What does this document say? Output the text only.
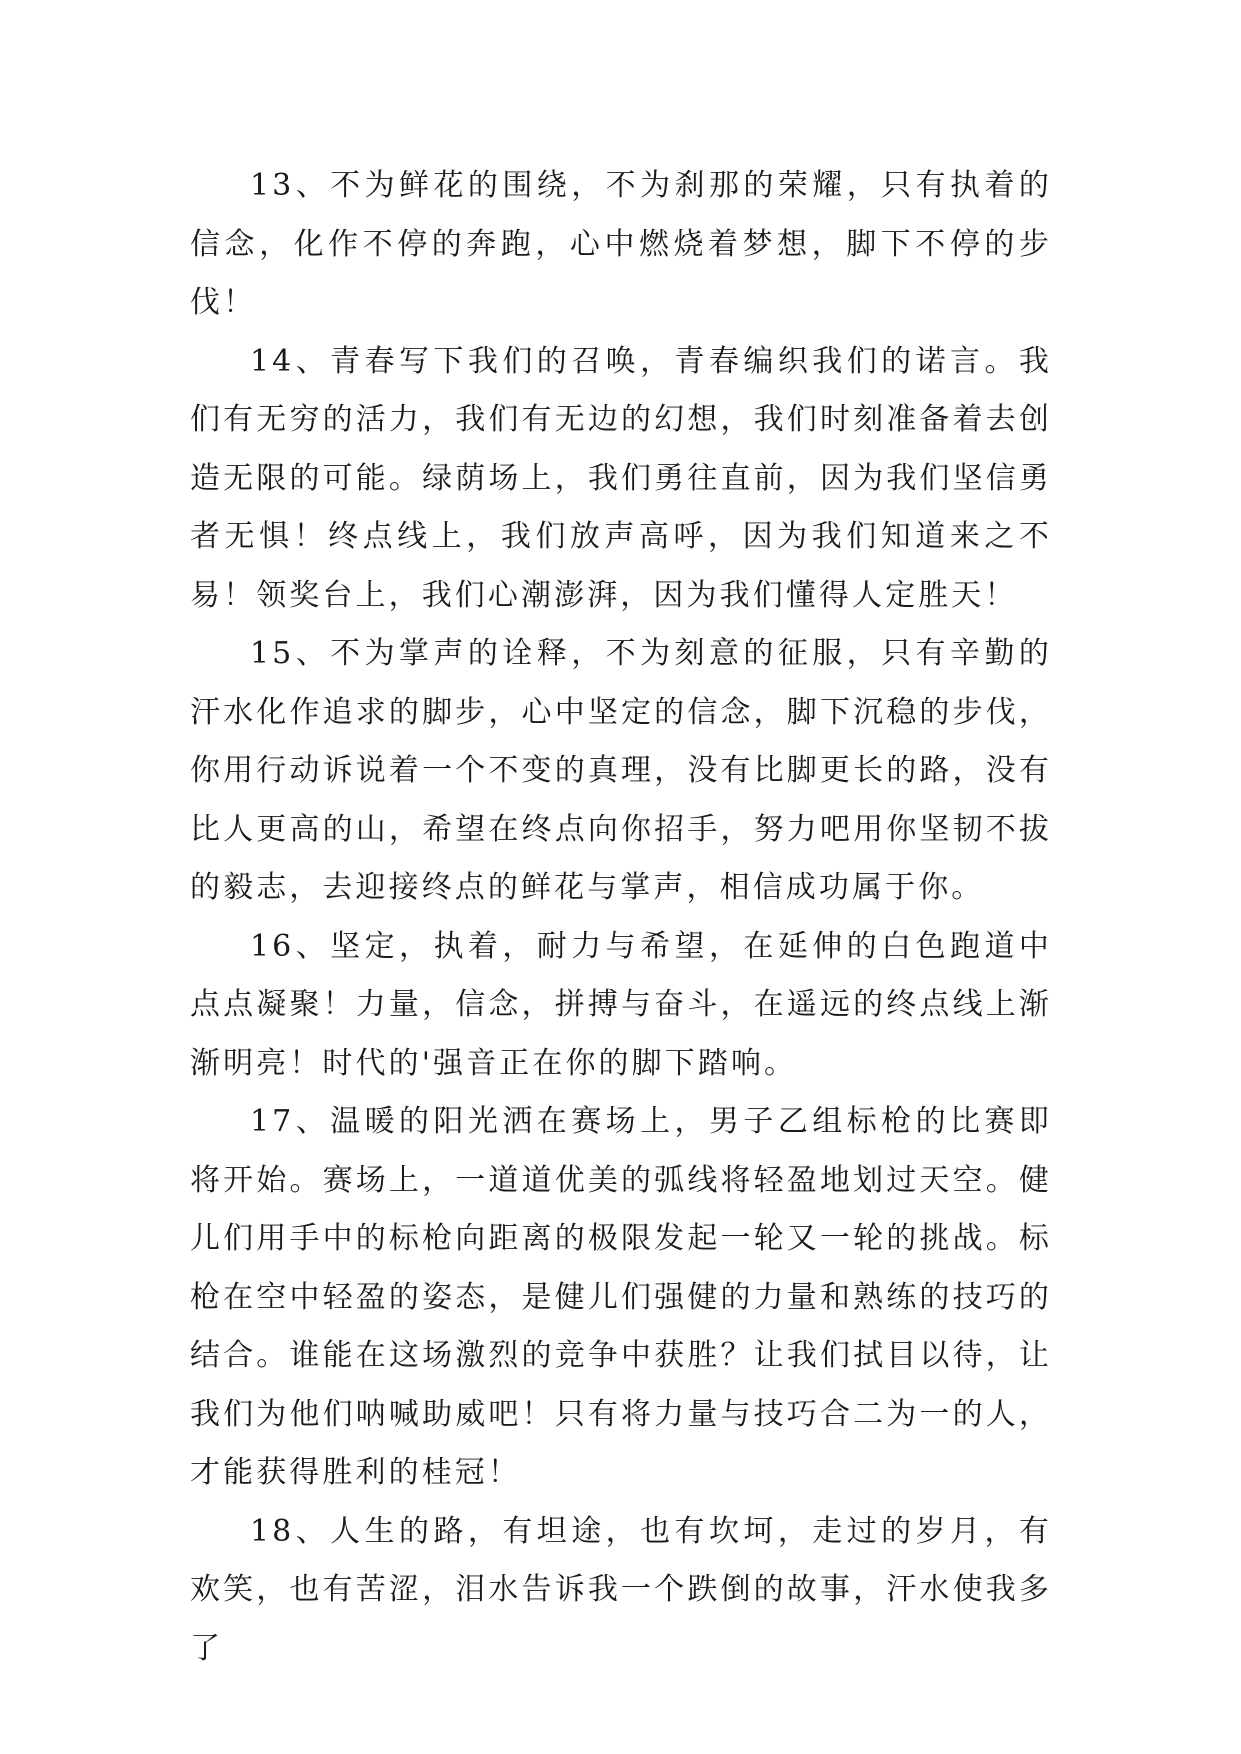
13、不为鲜花的围绕，不为刹那的荣耀，只有执着的信念，化作不停的奔跑，心中燃烧着梦想，脚下不停的步伐！

14、青春写下我们的召唤，青春编织我们的诺言。我们有无穷的活力，我们有无边的幻想，我们时刻准备着去创造无限的可能。绿荫场上，我们勇往直前，因为我们坚信勇者无惧！终点线上，我们放声高呼，因为我们知道来之不易！领奖台上，我们心潮澎湃，因为我们懂得人定胜天！

15、不为掌声的诠释，不为刻意的征服，只有辛勤的汗水化作追求的脚步，心中坚定的信念，脚下沉稳的步伐，你用行动诉说着一个不变的真理，没有比脚更长的路，没有比人更高的山，希望在终点向你招手，努力吧用你坚韧不拔的毅志，去迎接终点的鲜花与掌声，相信成功属于你。

16、坚定，执着，耐力与希望，在延伸的白色跑道中点点凝聚！力量，信念，拼搏与奋斗，在遥远的终点线上渐渐明亮！时代的'强音正在你的脚下踏响。

17、温暖的阳光洒在赛场上，男子乙组标枪的比赛即将开始。赛场上，一道道优美的弧线将轻盈地划过天空。健儿们用手中的标枪向距离的极限发起一轮又一轮的挑战。标枪在空中轻盈的姿态，是健儿们强健的力量和熟练的技巧的结合。谁能在这场激烈的竞争中获胜？让我们拭目以待，让我们为他们呐喊助威吧！只有将力量与技巧合二为一的人，才能获得胜利的桂冠！

18、人生的路，有坦途，也有坎坷，走过的岁月，有欢笑，也有苦涩，泪水告诉我一个跌倒的故事，汗水使我多了
